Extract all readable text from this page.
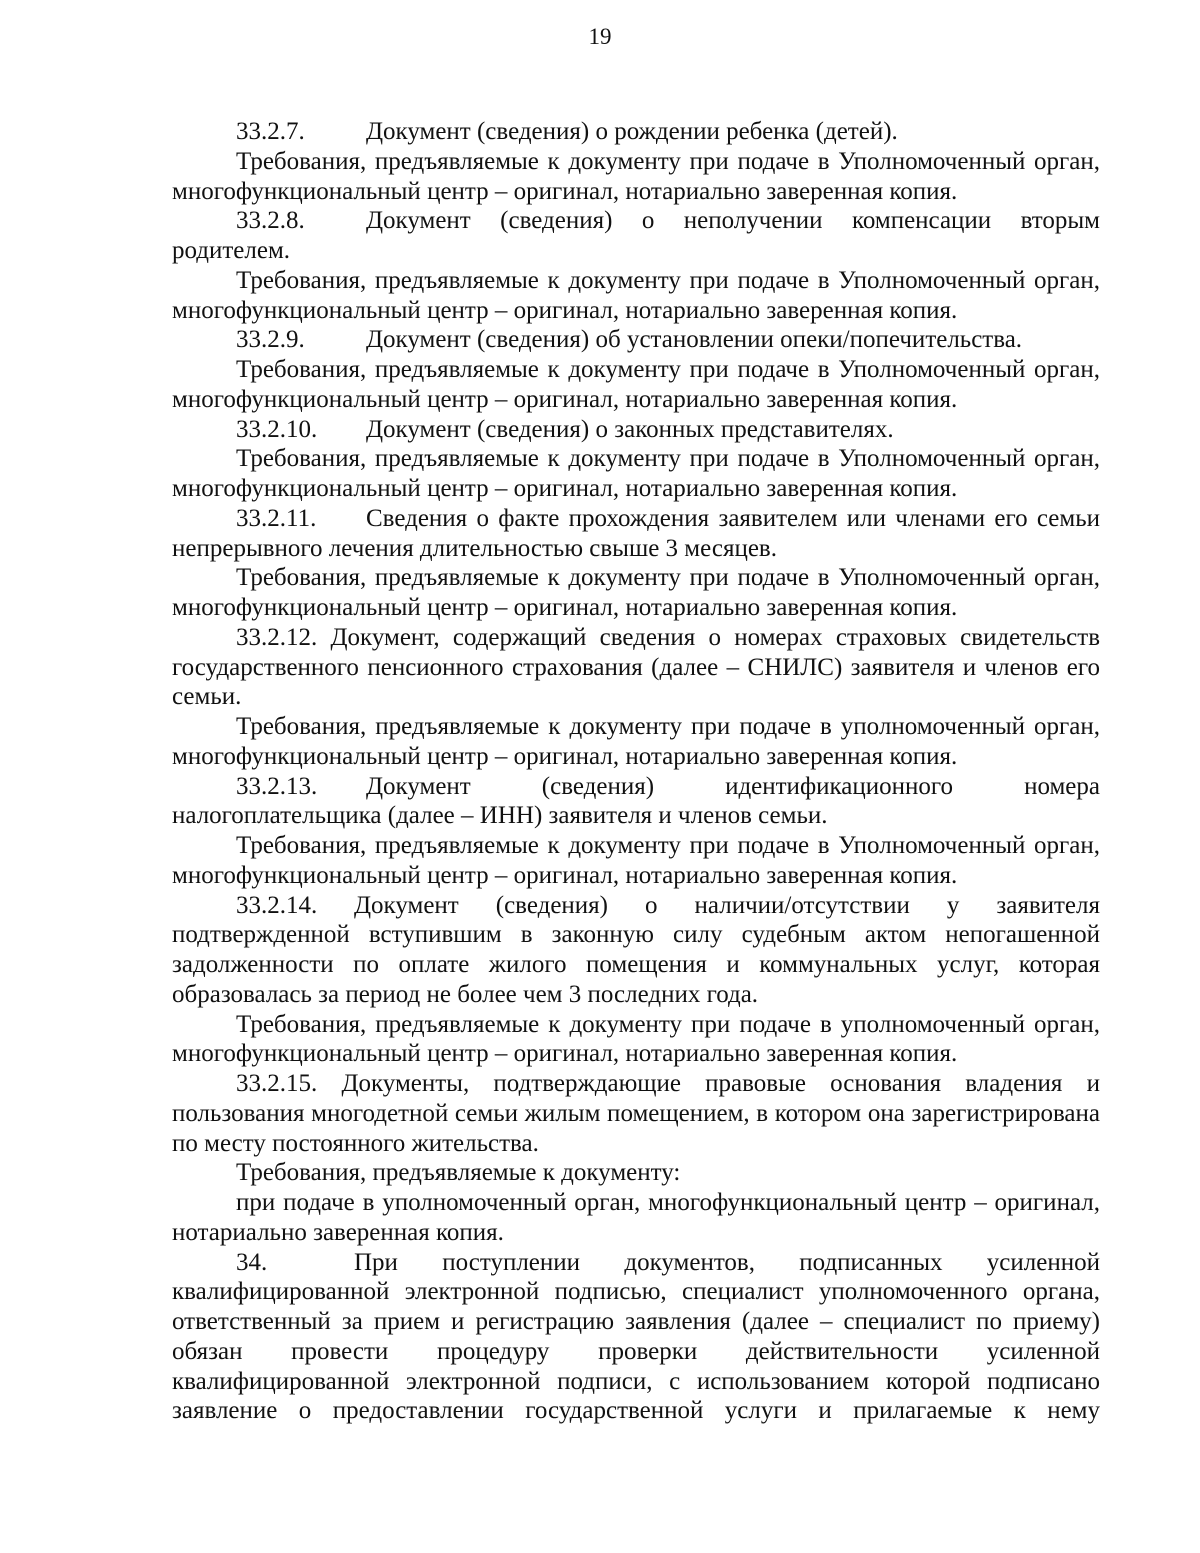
19

33.2.7. Документ (сведения) о рождении ребенка (детей).

Требования, предъявляемые к документу при подаче в Уполномоченный орган, многофункциональный центр – оригинал, нотариально заверенная копия.

33.2.8. Документ (сведения) о неполучении компенсации вторым родителем.

Требования, предъявляемые к документу при подаче в Уполномоченный орган, многофункциональный центр – оригинал, нотариально заверенная копия.

33.2.9. Документ (сведения) об установлении опеки/попечительства.

Требования, предъявляемые к документу при подаче в Уполномоченный орган, многофункциональный центр – оригинал, нотариально заверенная копия.

33.2.10. Документ (сведения) о законных представителях.

Требования, предъявляемые к документу при подаче в Уполномоченный орган, многофункциональный центр – оригинал, нотариально заверенная копия.

33.2.11. Сведения о факте прохождения заявителем или членами его семьи непрерывного лечения длительностью свыше 3 месяцев.

Требования, предъявляемые к документу при подаче в Уполномоченный орган, многофункциональный центр – оригинал, нотариально заверенная копия.

33.2.12. Документ, содержащий сведения о номерах страховых свидетельств государственного пенсионного страхования (далее – СНИЛС) заявителя и членов его семьи.

Требования, предъявляемые к документу при подаче в уполномоченный орган, многофункциональный центр – оригинал, нотариально заверенная копия.

33.2.13. Документ (сведения) идентификационного номера налогоплательщика (далее – ИНН) заявителя и членов семьи.

Требования, предъявляемые к документу при подаче в Уполномоченный орган, многофункциональный центр – оригинал, нотариально заверенная копия.

33.2.14. Документ (сведения) о наличии/отсутствии у заявителя подтвержденной вступившим в законную силу судебным актом непогашенной задолженности по оплате жилого помещения и коммунальных услуг, которая образовалась за период не более чем 3 последних года.

Требования, предъявляемые к документу при подаче в уполномоченный орган, многофункциональный центр – оригинал, нотариально заверенная копия.

33.2.15. Документы, подтверждающие правовые основания владения и пользования многодетной семьи жилым помещением, в котором она зарегистрирована по месту постоянного жительства.

Требования, предъявляемые к документу:

при подаче в уполномоченный орган, многофункциональный центр – оригинал, нотариально заверенная копия.

34.	При поступлении документов, подписанных усиленной квалифицированной электронной подписью, специалист уполномоченного органа, ответственный за прием и регистрацию заявления (далее – специалист по приему) обязан провести процедуру проверки действительности усиленной квалифицированной электронной подписи, с использованием которой подписано заявление о предоставлении государственной услуги и прилагаемые к нему
